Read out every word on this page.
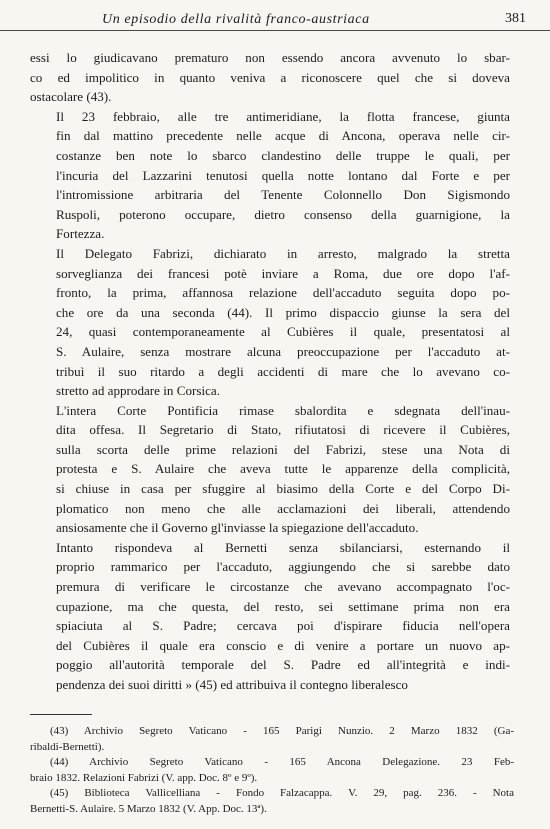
Un episodio della rivalità franco-austriaca	381

essi lo giudicavano prematuro non essendo ancora avvenuto lo sbar-
co ed impolitico in quanto veniva a riconoscere quel che si doveva
ostacolare (43).

Il 23 febbraio, alle tre antimeridiane, la flotta francese, giunta
fin dal mattino precedente nelle acque di Ancona, operava nelle cir-
costanze ben note lo sbarco clandestino delle truppe le quali, per
l'incuria del Lazzarini tenutosi quella notte lontano dal Forte e per
l'intromissione arbitraria del Tenente Colonnello Don Sigismondo
Ruspoli, poterono occupare, dietro consenso della guarnigione, la
Fortezza.

Il Delegato Fabrizi, dichiarato in arresto, malgrado la stretta
sorveglianza dei francesi potè inviare a Roma, due ore dopo l'af-
fronto, la prima, affannosa relazione dell'accaduto seguita dopo po-
che ore da una seconda (44). Il primo dispaccio giunse la sera del
24, quasi contemporaneamente al Cubières il quale, presentatosi al
S. Aulaire, senza mostrare alcuna preoccupazione per l'accaduto at-
tribuì il suo ritardo a degli accidenti di mare che lo avevano co-
stretto ad approdare in Corsica.

L'intera Corte Pontificia rimase sbalordita e sdegnata dell'inau-
dita offesa. Il Segretario di Stato, rifiutatosi di ricevere il Cubières,
sulla scorta delle prime relazioni del Fabrizi, stese una Nota di
protesta e S. Aulaire che aveva tutte le apparenze della complicità,
si chiuse in casa per sfuggire al biasimo della Corte e del Corpo Di-
plomatico non meno che alle acclamazioni dei liberali, attendendo
ansiosamente che il Governo gl'inviasse la spiegazione dell'accaduto.

Intanto rispondeva al Bernetti senza sbilanciarsi, esternando il
proprio rammarico per l'accaduto, aggiungendo che si sarebbe dato
premura di verificare le circostanze che avevano accompagnato l'oc-
cupazione, ma che questa, del resto, sei settimane prima non era
spiaciuta al S. Padre; cercava poi d'ispirare fiducia nell'opera
del Cubières il quale era conscio e di venire a portare un nuovo ap-
poggio all'autorità temporale del S. Padre ed all'integrità e indi-
pendenza dei suoi diritti » (45) ed attribuiva il contegno liberalesco

(43) Archivio Segreto Vaticano - 165 Parigi Nunzio. 2 Marzo 1832 (Ga-
ribaldi-Bernetti).

(44) Archivio Segreto Vaticano - 165 Ancona Delegazione. 23 Feb-
braio 1832. Relazioni Fabrizi (V. app. Doc. 8º e 9º).

(45) Biblioteca Vallicelliana - Fondo Falzacappa. V. 29, pag. 236. - Nota
Bernetti-S. Aulaire. 5 Marzo 1832 (V. App. Doc. 13ª).
